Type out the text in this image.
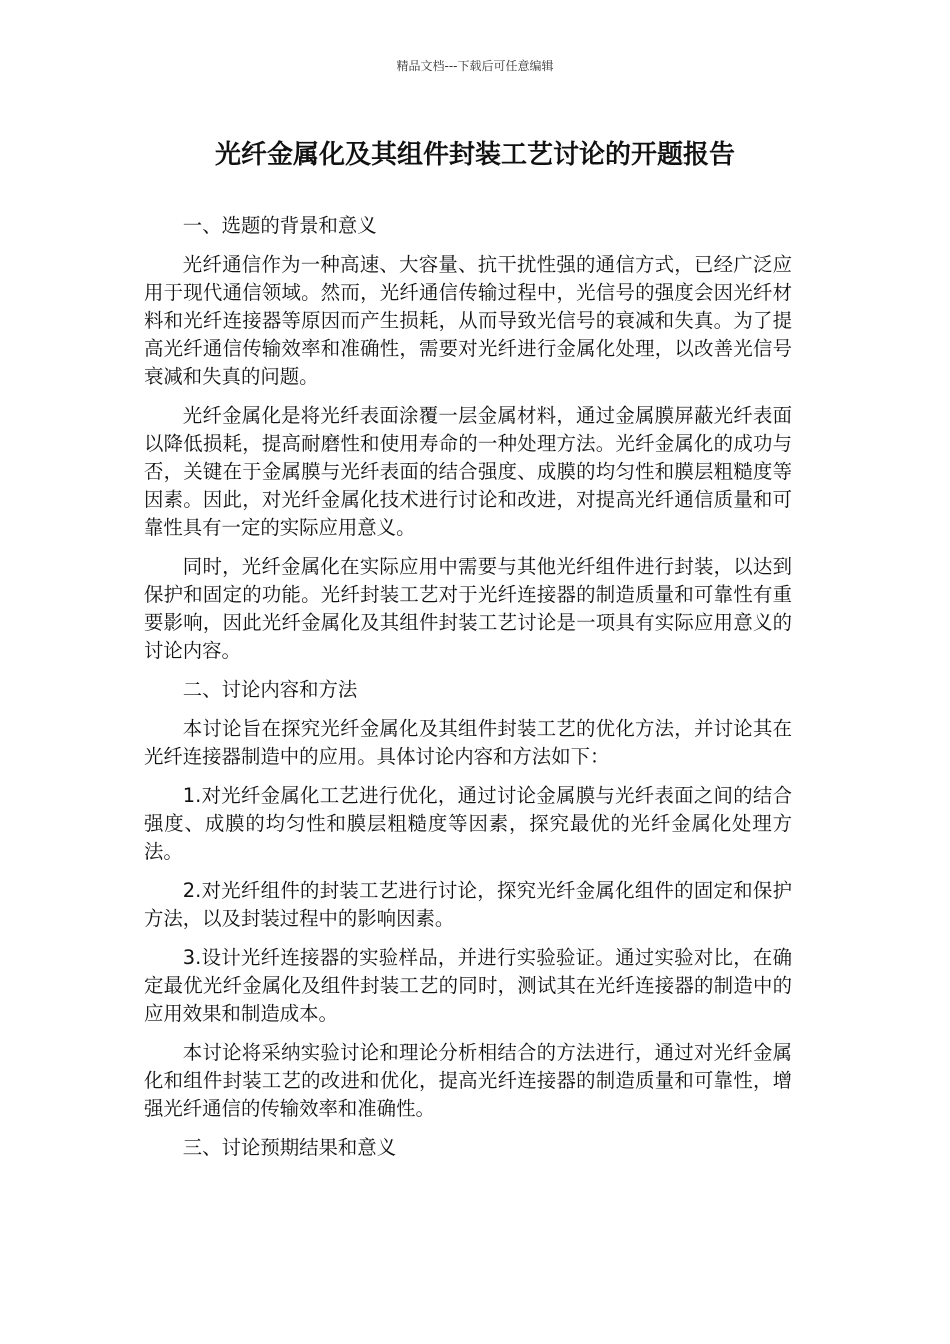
精品文档---下载后可任意编辑
光纤金属化及其组件封装工艺讨论的开题报告

一、选题的背景和意义

光纤通信作为一种高速、大容量、抗干扰性强的通信方式，已经广泛应用于现代通信领域。然而，光纤通信传输过程中，光信号的强度会因光纤材料和光纤连接器等原因而产生损耗，从而导致光信号的衰减和失真。为了提高光纤通信传输效率和准确性，需要对光纤进行金属化处理，以改善光信号衰减和失真的问题。

光纤金属化是将光纤表面涂覆一层金属材料，通过金属膜屏蔽光纤表面以降低损耗，提高耐磨性和使用寿命的一种处理方法。光纤金属化的成功与否，关键在于金属膜与光纤表面的结合强度、成膜的均匀性和膜层粗糙度等因素。因此，对光纤金属化技术进行讨论和改进，对提高光纤通信质量和可靠性具有一定的实际应用意义。

同时，光纤金属化在实际应用中需要与其他光纤组件进行封装，以达到保护和固定的功能。光纤封装工艺对于光纤连接器的制造质量和可靠性有重要影响，因此光纤金属化及其组件封装工艺讨论是一项具有实际应用意义的讨论内容。

二、讨论内容和方法

本讨论旨在探究光纤金属化及其组件封装工艺的优化方法，并讨论其在光纤连接器制造中的应用。具体讨论内容和方法如下：

1.对光纤金属化工艺进行优化，通过讨论金属膜与光纤表面之间的结合强度、成膜的均匀性和膜层粗糙度等因素，探究最优的光纤金属化处理方法。

2.对光纤组件的封装工艺进行讨论，探究光纤金属化组件的固定和保护方法，以及封装过程中的影响因素。

3.设计光纤连接器的实验样品，并进行实验验证。通过实验对比，在确定最优光纤金属化及组件封装工艺的同时，测试其在光纤连接器的制造中的应用效果和制造成本。

本讨论将采纳实验讨论和理论分析相结合的方法进行，通过对光纤金属化和组件封装工艺的改进和优化，提高光纤连接器的制造质量和可靠性，增强光纤通信的传输效率和准确性。

三、讨论预期结果和意义
